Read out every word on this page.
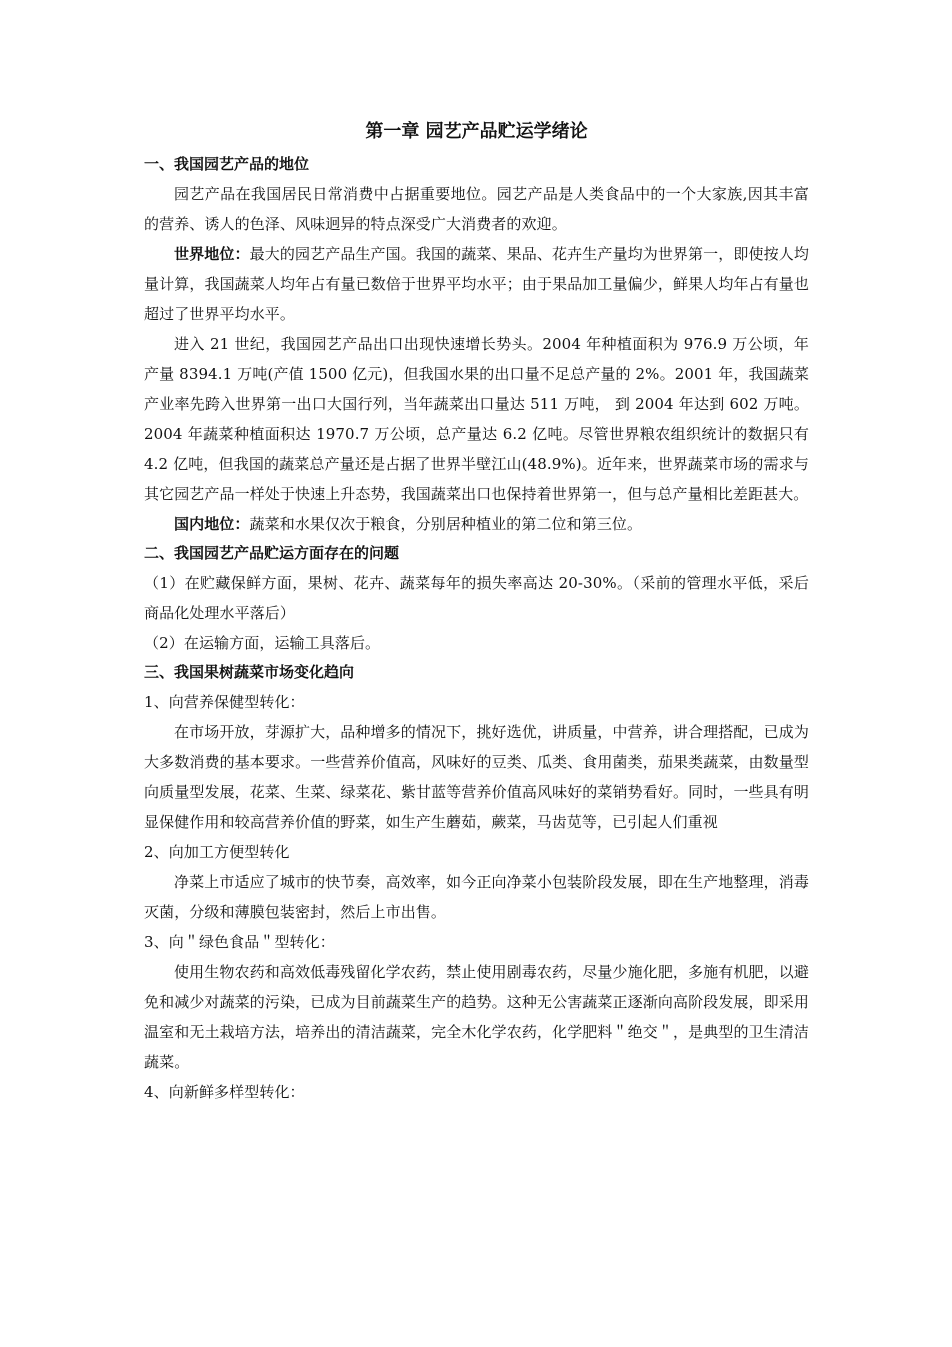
第一章 园艺产品贮运学绪论
一、我国园艺产品的地位

园艺产品在我国居民日常消费中占据重要地位。园艺产品是人类食品中的一个大家族,因其丰富的营养、诱人的色泽、风味迥异的特点深受广大消费者的欢迎。

世界地位：最大的园艺产品生产国。我国的蔬菜、果品、花卉生产量均为世界第一，即使按人均量计算，我国蔬菜人均年占有量已数倍于世界平均水平；由于果品加工量偏少，鲜果人均年占有量也超过了世界平均水平。

进入 21 世纪，我国园艺产品出口出现快速增长势头。2004 年种植面积为 976.9 万公顷，年产量 8394.1 万吨(产值 1500 亿元)，但我国水果的出口量不足总产量的 2%。2001 年，我国蔬菜产业率先跨入世界第一出口大国行列，当年蔬菜出口量达 511 万吨， 到 2004 年达到 602 万吨。2004 年蔬菜种植面积达 1970.7 万公顷，总产量达 6.2 亿吨。尽管世界粮农组织统计的数据只有 4.2 亿吨，但我国的蔬菜总产量还是占据了世界半壁江山(48.9%)。近年来，世界蔬菜市场的需求与其它园艺产品一样处于快速上升态势，我国蔬菜出口也保持着世界第一，但与总产量相比差距甚大。

国内地位：蔬菜和水果仅次于粮食，分别居种植业的第二位和第三位。

二、我国园艺产品贮运方面存在的问题

（1）在贮藏保鲜方面，果树、花卉、蔬菜每年的损失率高达 20-30%。（采前的管理水平低，采后商品化处理水平落后）

（2）在运输方面，运输工具落后。

三、我国果树蔬菜市场变化趋向

1、向营养保健型转化：

在市场开放，芽源扩大，品种增多的情况下，挑好选优，讲质量，中营养，讲合理搭配，已成为大多数消费的基本要求。一些营养价值高，风味好的豆类、瓜类、食用菌类，茄果类蔬菜，由数量型向质量型发展，花菜、生菜、绿菜花、紫甘蓝等营养价值高风味好的菜销势看好。同时，一些具有明显保健作用和较高营养价值的野菜，如生产生蘑茹，蕨菜，马齿苋等，已引起人们重视

2、向加工方便型转化

净菜上市适应了城市的快节奏，高效率，如今正向净菜小包装阶段发展，即在生产地整理，消毒灭菌，分级和薄膜包装密封，然后上市出售。

3、向＂绿色食品＂型转化：

使用生物农药和高效低毒残留化学农药，禁止使用剧毒农药，尽量少施化肥，多施有机肥，以避免和减少对蔬菜的污染，已成为目前蔬菜生产的趋势。这种无公害蔬菜正逐渐向高阶段发展，即采用温室和无土栽培方法，培养出的清洁蔬菜，完全木化学农药，化学肥料＂绝交＂，是典型的卫生清洁蔬菜。

4、向新鲜多样型转化：
